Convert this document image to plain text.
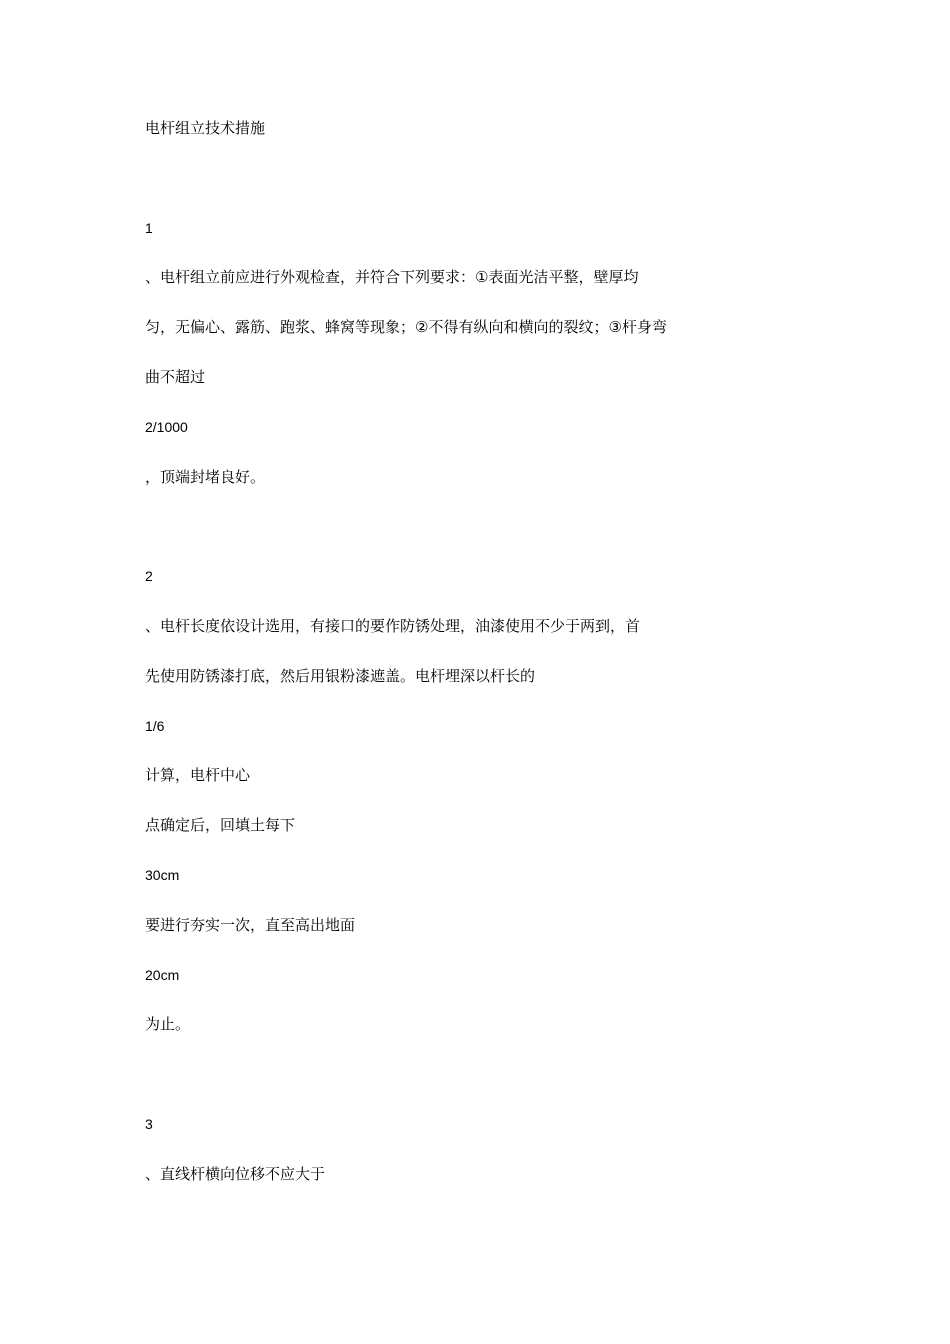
电杆组立技术措施
1
、电杆组立前应进行外观检查，并符合下列要求：①表面光洁平整，壁厚均
匀，无偏心、露筋、跑浆、蜂窝等现象；②不得有纵向和横向的裂纹；③杆身弯
曲不超过
2/1000
，顶端封堵良好。
2
、电杆长度依设计选用，有接口的要作防锈处理，油漆使用不少于两到，首
先使用防锈漆打底，然后用银粉漆遮盖。电杆埋深以杆长的
1/6
计算，电杆中心
点确定后，回填土每下
30cm
要进行夯实一次，直至高出地面
20cm
为止。
3
、直线杆横向位移不应大于
